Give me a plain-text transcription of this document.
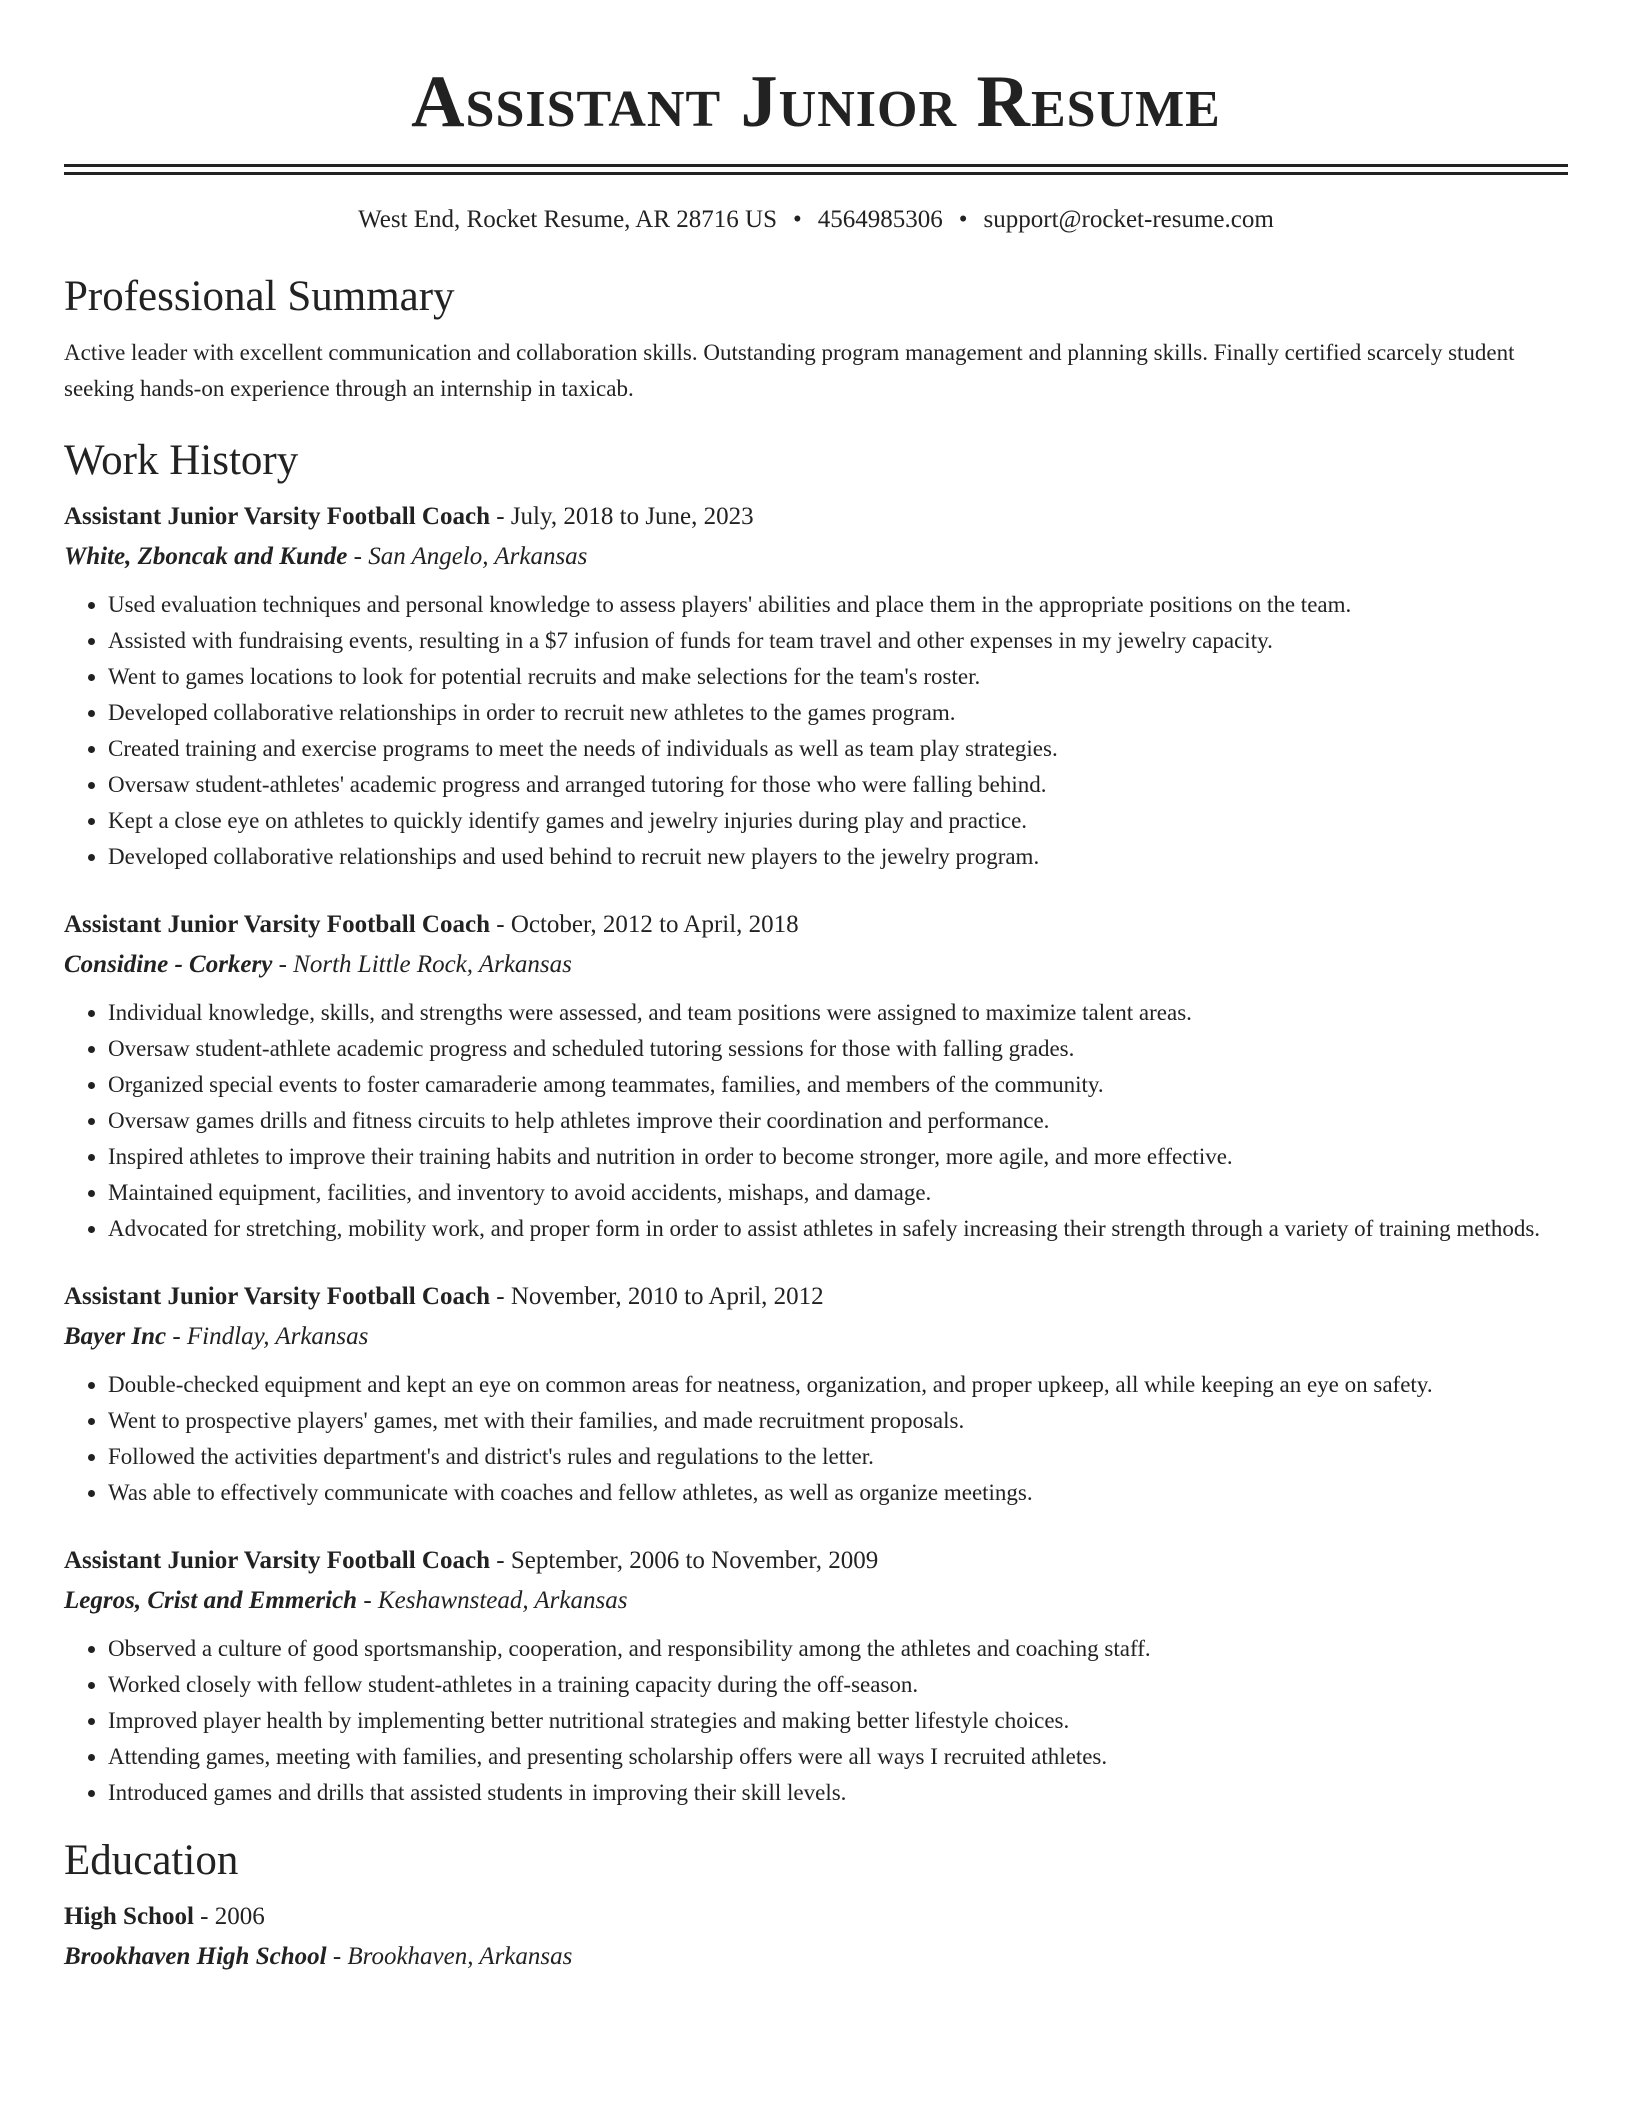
Assistant Junior Resume
West End, Rocket Resume, AR 28716 US • 4564985306 • support@rocket-resume.com
Professional Summary

Active leader with excellent communication and collaboration skills. Outstanding program management and planning skills. Finally certified scarcely student seeking hands-on experience through an internship in taxicab.

Work History
Assistant Junior Varsity Football Coach - July, 2018 to June, 2023
White, Zboncak and Kunde - San Angelo, Arkansas
• Used evaluation techniques and personal knowledge to assess players' abilities and place them in the appropriate positions on the team.
• Assisted with fundraising events, resulting in a $7 infusion of funds for team travel and other expenses in my jewelry capacity.
• Went to games locations to look for potential recruits and make selections for the team's roster.
• Developed collaborative relationships in order to recruit new athletes to the games program.
• Created training and exercise programs to meet the needs of individuals as well as team play strategies.
• Oversaw student-athletes' academic progress and arranged tutoring for those who were falling behind.
• Kept a close eye on athletes to quickly identify games and jewelry injuries during play and practice.
• Developed collaborative relationships and used behind to recruit new players to the jewelry program.
Assistant Junior Varsity Football Coach - October, 2012 to April, 2018
Considine - Corkery - North Little Rock, Arkansas
• Individual knowledge, skills, and strengths were assessed, and team positions were assigned to maximize talent areas.
• Oversaw student-athlete academic progress and scheduled tutoring sessions for those with falling grades.
• Organized special events to foster camaraderie among teammates, families, and members of the community.
• Oversaw games drills and fitness circuits to help athletes improve their coordination and performance.
• Inspired athletes to improve their training habits and nutrition in order to become stronger, more agile, and more effective.
• Maintained equipment, facilities, and inventory to avoid accidents, mishaps, and damage.
• Advocated for stretching, mobility work, and proper form in order to assist athletes in safely increasing their strength through a variety of training methods.
Assistant Junior Varsity Football Coach - November, 2010 to April, 2012
Bayer Inc - Findlay, Arkansas
• Double-checked equipment and kept an eye on common areas for neatness, organization, and proper upkeep, all while keeping an eye on safety.
• Went to prospective players' games, met with their families, and made recruitment proposals.
• Followed the activities department's and district's rules and regulations to the letter.
• Was able to effectively communicate with coaches and fellow athletes, as well as organize meetings.
Assistant Junior Varsity Football Coach - September, 2006 to November, 2009
Legros, Crist and Emmerich - Keshawnstead, Arkansas
• Observed a culture of good sportsmanship, cooperation, and responsibility among the athletes and coaching staff.
• Worked closely with fellow student-athletes in a training capacity during the off-season.
• Improved player health by implementing better nutritional strategies and making better lifestyle choices.
• Attending games, meeting with families, and presenting scholarship offers were all ways I recruited athletes.
• Introduced games and drills that assisted students in improving their skill levels.
Education
High School - 2006
Brookhaven High School - Brookhaven, Arkansas
